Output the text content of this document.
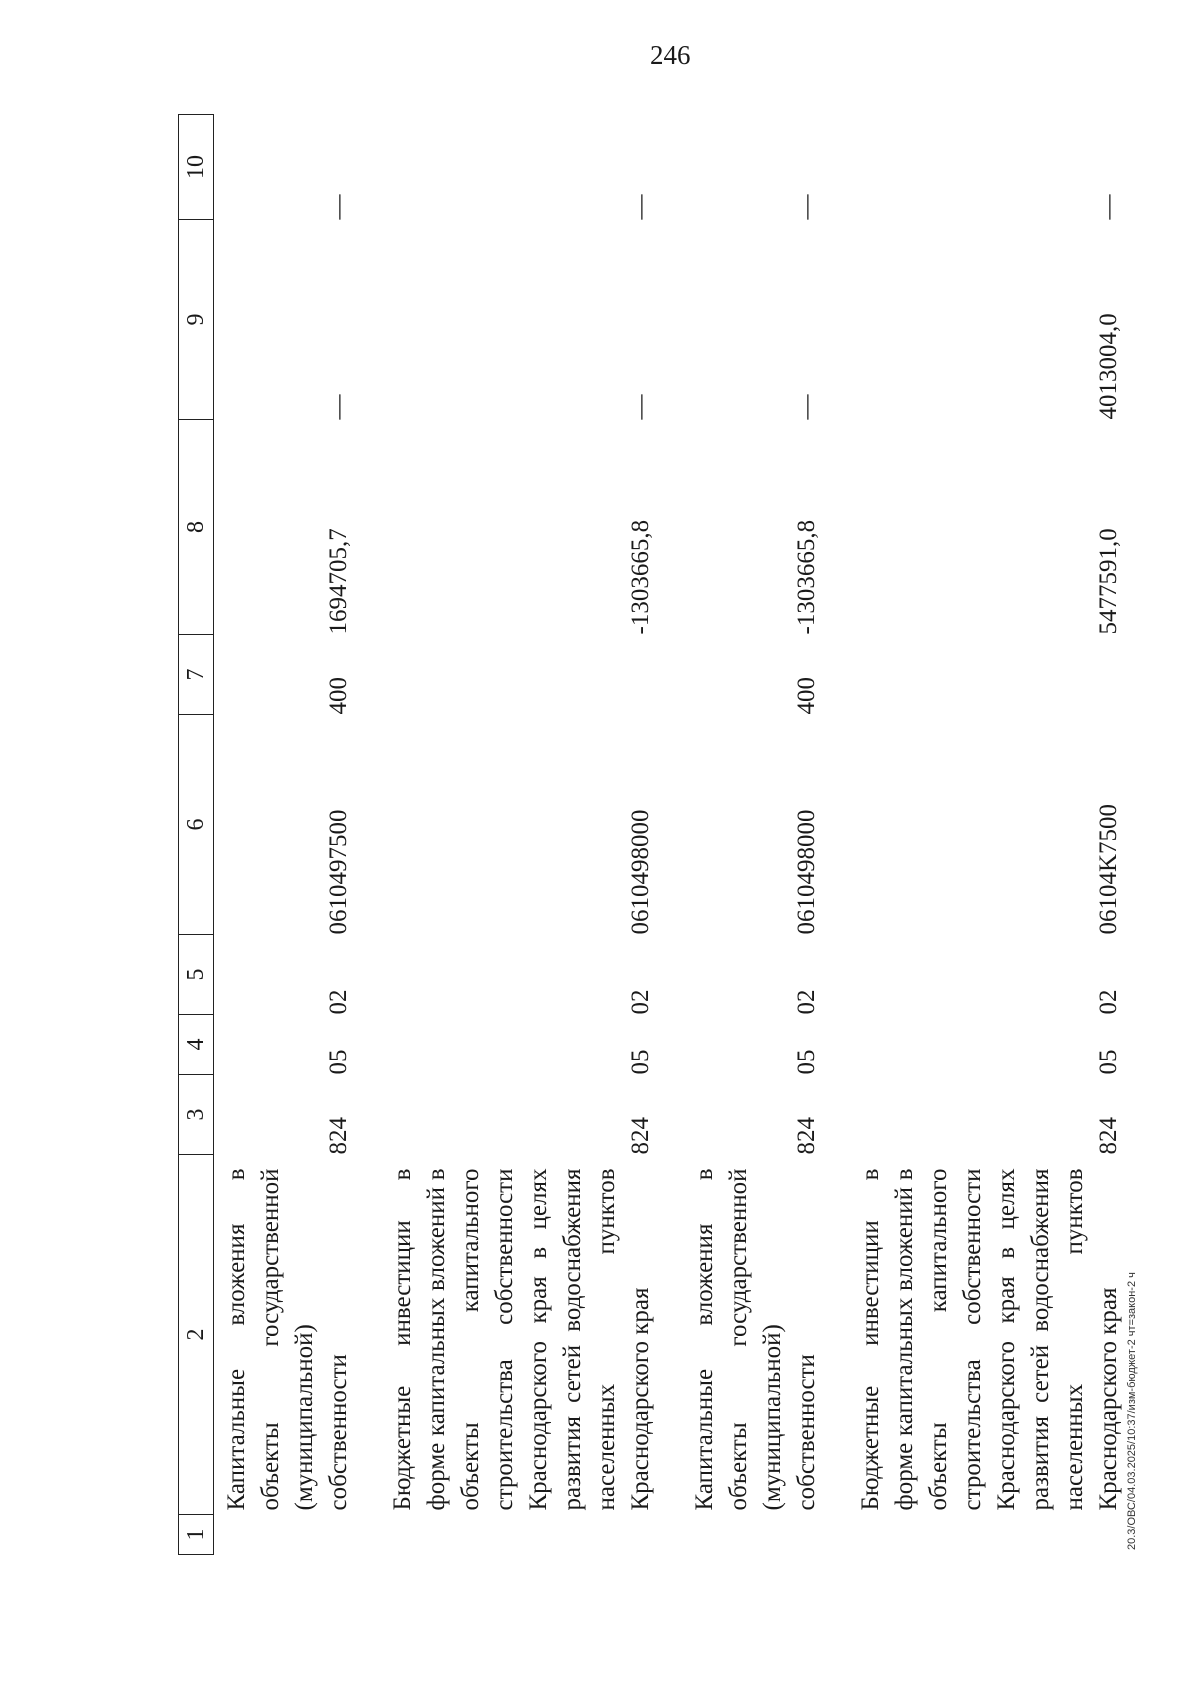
246
20.3/ОВС/04.03.2025/10:37/изм-бюджет-2 чт=закон-2 ч
1	2	3	4	5	6	7	8	9	10
	Капитальные вложения в объекты государственной (муниципальной) собственности	824	05	02	0610497500	400	1694705,7	—	—

	Бюджетные инвестиции в форме капитальных вложений в объекты капитального строительства собственности Краснодарского края в целях развития сетей водоснабжения населенных пунктов Краснодарского края	824	05	02	0610498000		-1303665,8	—	—

	Капитальные вложения в объекты государственной (муниципальной) собственности	824	05	02	0610498000	400	-1303665,8	—	—

	Бюджетные инвестиции в форме капитальных вложений в объекты капитального строительства собственности Краснодарского края в целях развития сетей водоснабжения населенных пунктов Краснодарского края	824	05	02	06104K7500		5477591,0	4013004,0	—
